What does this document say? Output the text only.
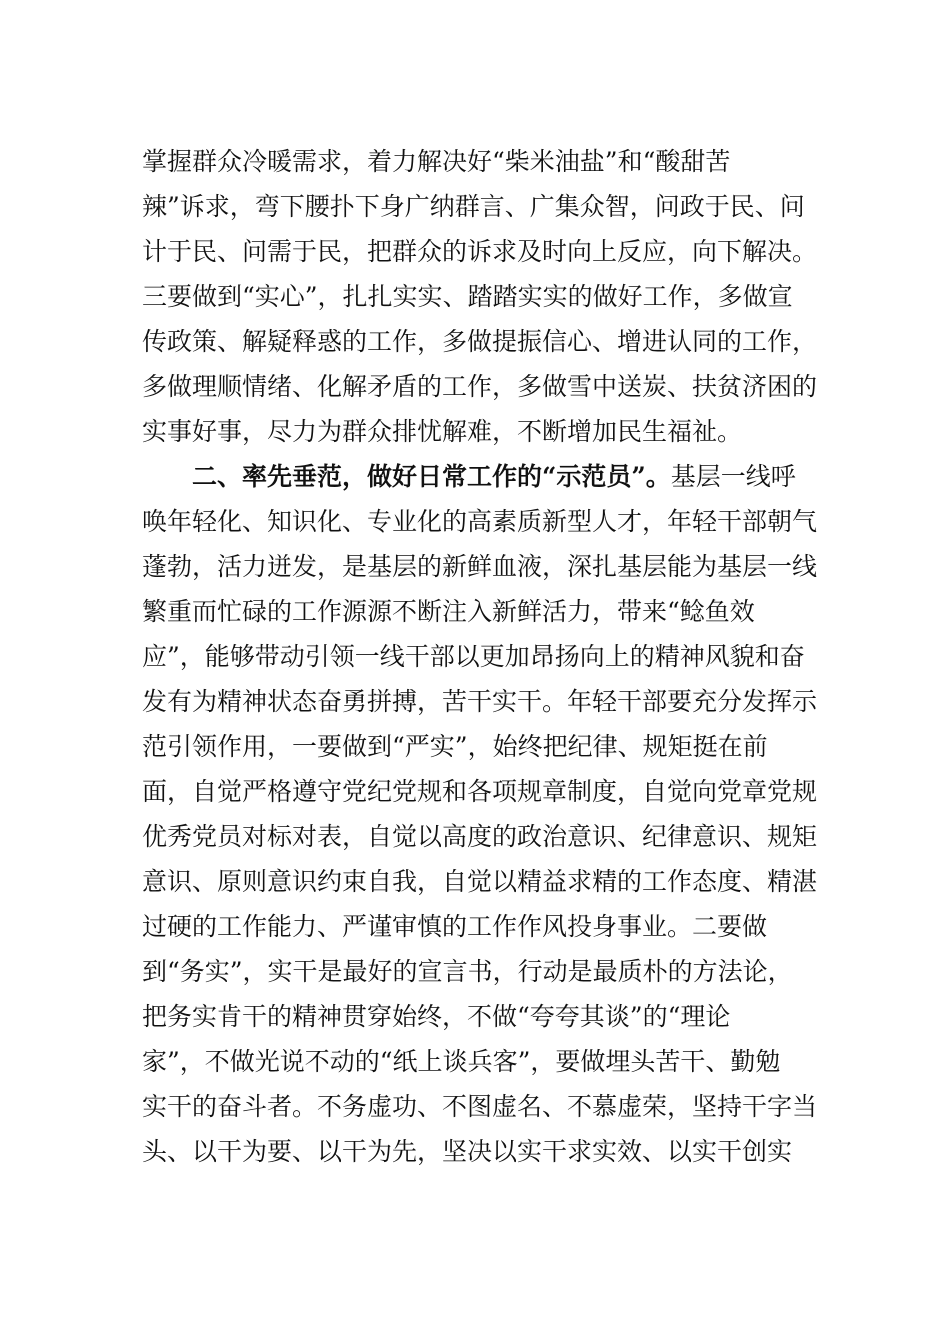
掌握群众冷暖需求，着力解决好“柴米油盐”和“酸甜苦
辣”诉求，弯下腰扑下身广纳群言、广集众智，问政于民、问
计于民、问需于民，把群众的诉求及时向上反应，向下解决。
三要做到“实心”，扎扎实实、踏踏实实的做好工作，多做宣
传政策、解疑释惑的工作，多做提振信心、增进认同的工作，
多做理顺情绪、化解矛盾的工作，多做雪中送炭、扶贫济困的
实事好事，尽力为群众排忧解难，不断增加民生福祉。
二、率先垂范，做好日常工作的“示范员”。基层一线呼
唤年轻化、知识化、专业化的高素质新型人才，年轻干部朝气
蓬勃，活力迸发，是基层的新鲜血液，深扎基层能为基层一线
繁重而忙碌的工作源源不断注入新鲜活力，带来“鲶鱼效
应”，能够带动引领一线干部以更加昂扬向上的精神风貌和奋
发有为精神状态奋勇拼搏，苦干实干。年轻干部要充分发挥示
范引领作用，一要做到“严实”，始终把纪律、规矩挺在前
面，自觉严格遵守党纪党规和各项规章制度，自觉向党章党规
优秀党员对标对表，自觉以高度的政治意识、纪律意识、规矩
意识、原则意识约束自我，自觉以精益求精的工作态度、精湛
过硬的工作能力、严谨审慎的工作作风投身事业。二要做
到“务实”，实干是最好的宣言书，行动是最质朴的方法论，
把务实肯干的精神贯穿始终，不做“夸夸其谈”的“理论
家”，不做光说不动的“纸上谈兵客”，要做埋头苦干、勤勉
实干的奋斗者。不务虚功、不图虚名、不慕虚荣，坚持干字当
头、以干为要、以干为先，坚决以实干求实效、以实干创实
